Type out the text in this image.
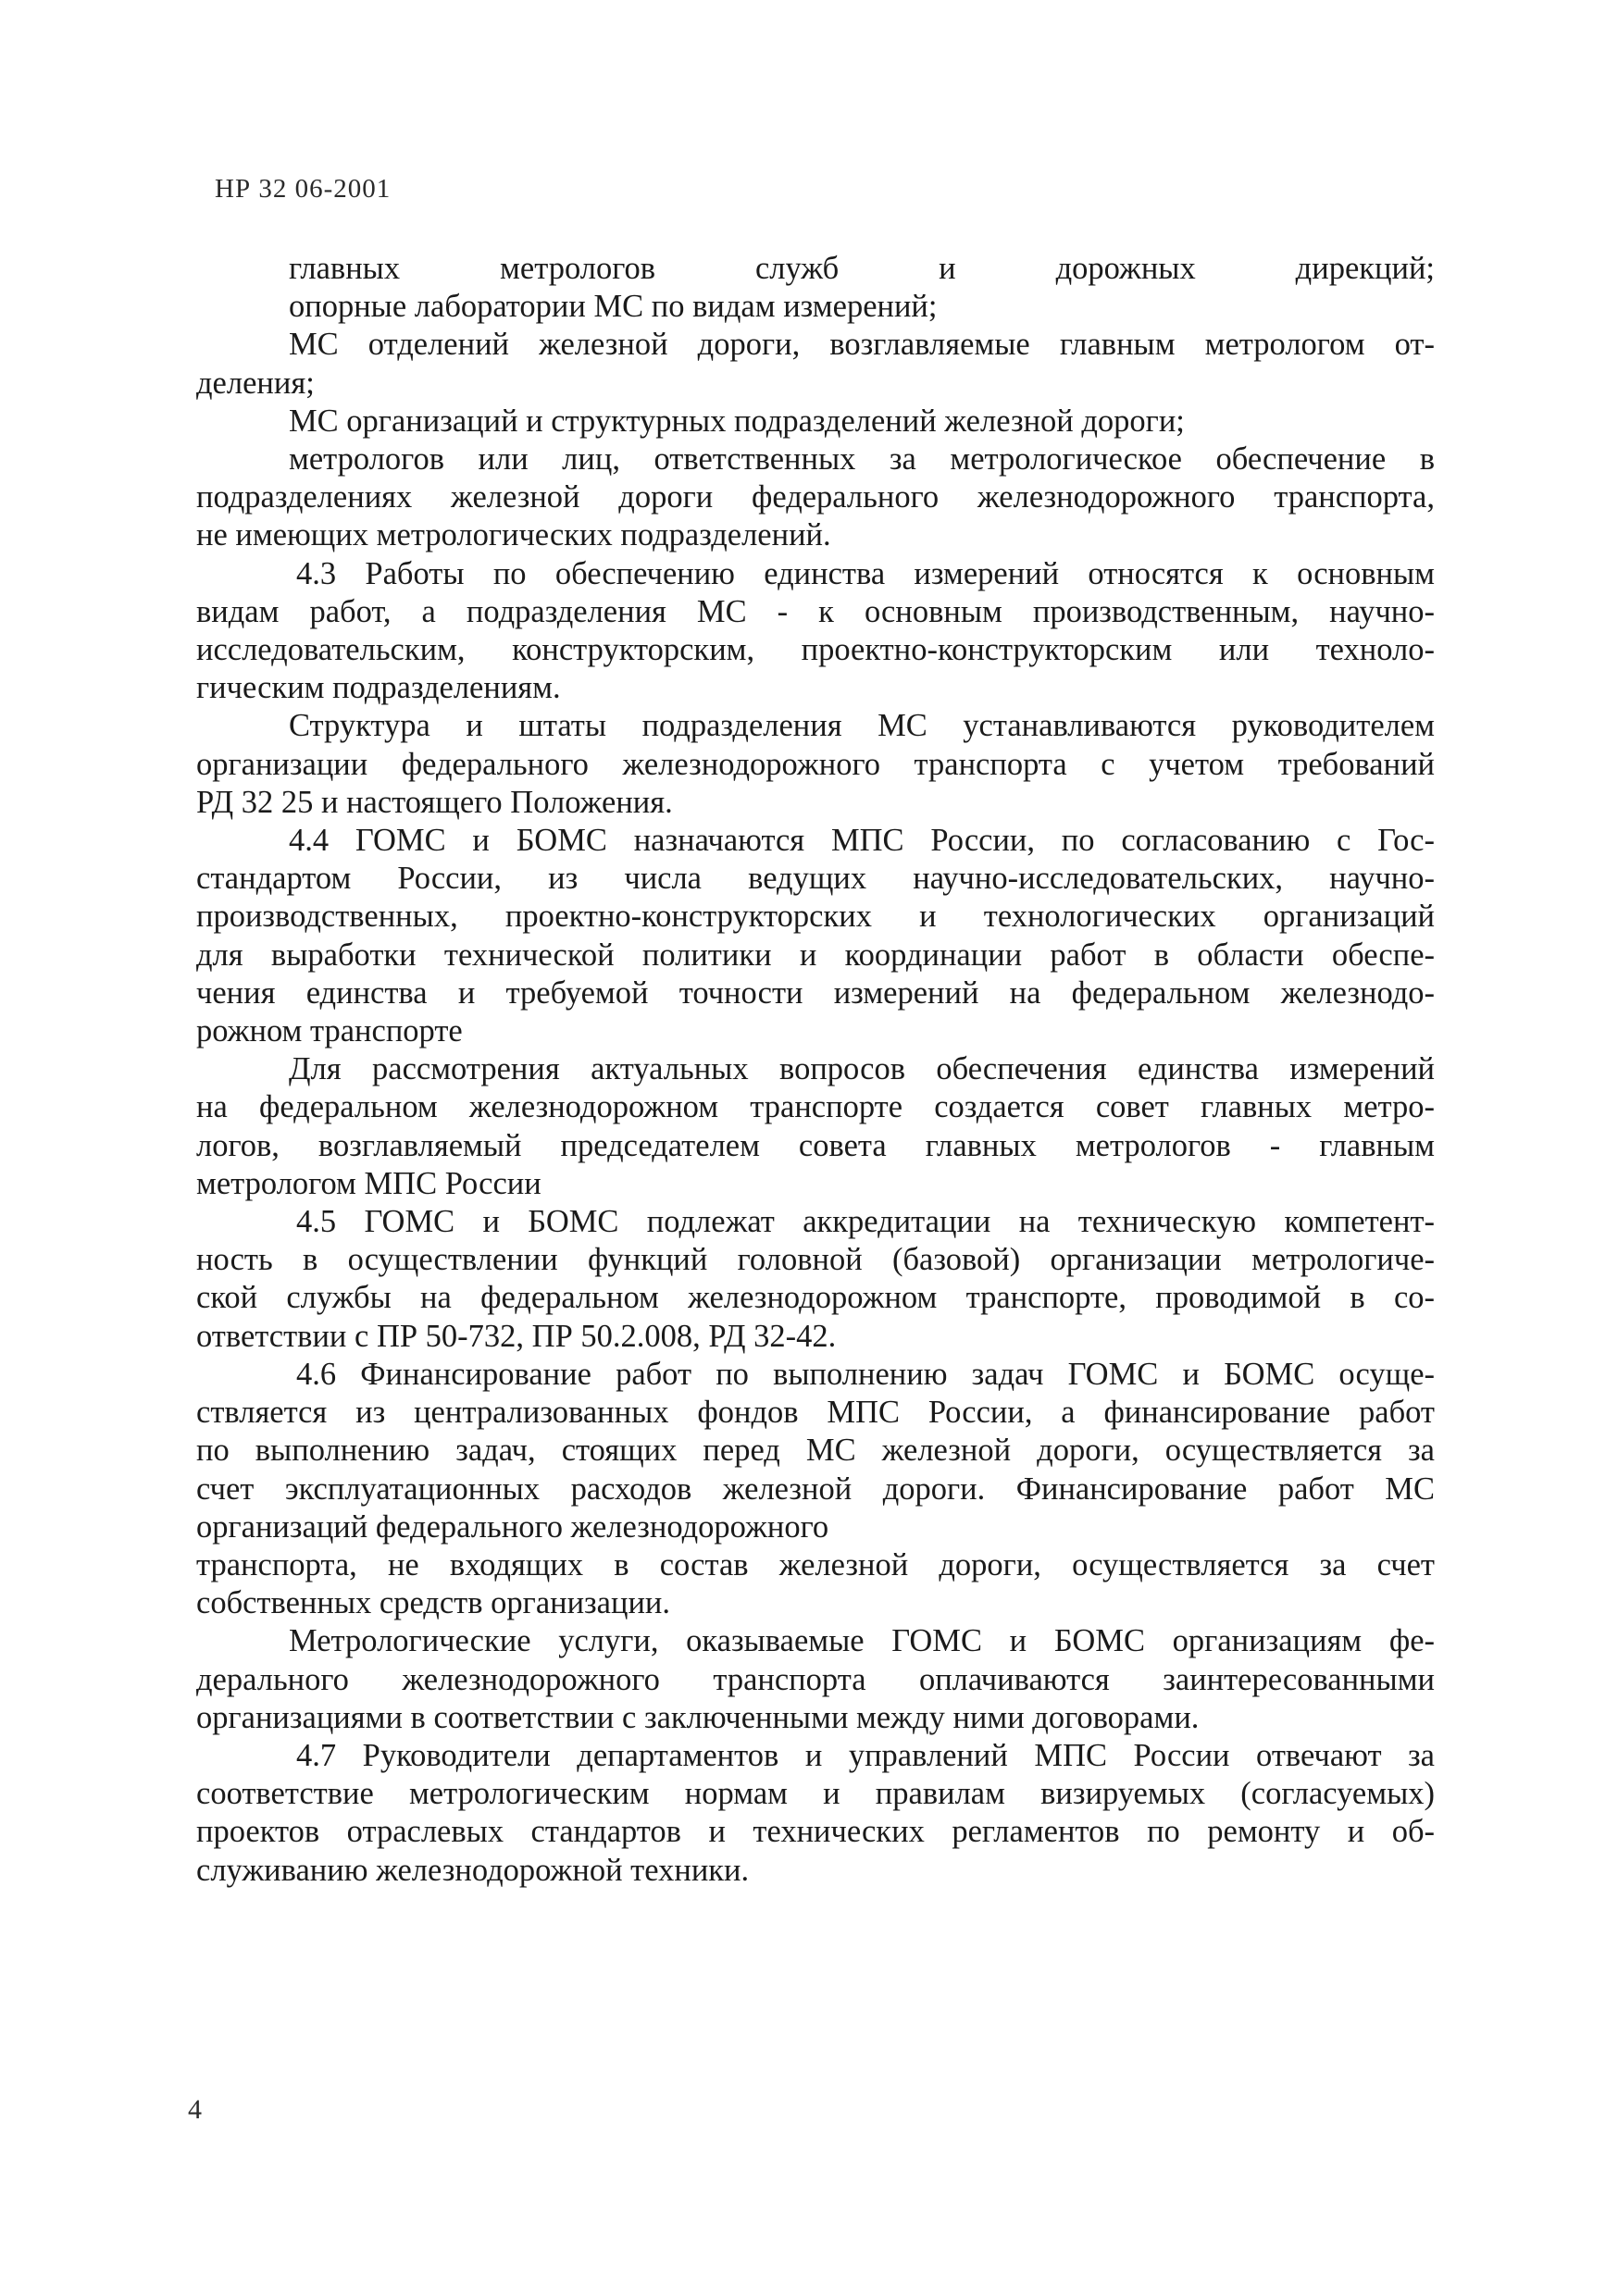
НР 32 06-2001
главных метрологов служб и дорожных дирекций;
опорные лаборатории МС по видам измерений;
МС отделений железной дороги, возглавляемые главным метрологом от-
деления;
МС организаций и структурных подразделений железной дороги;
метрологов или лиц, ответственных за метрологическое обеспечение в
подразделениях железной дороги федерального железнодорожного транспорта,
не имеющих метрологических подразделений.
4.3 Работы по обеспечению единства измерений относятся к основным
видам работ, а подразделения МС - к основным производственным, научно-
исследовательским, конструкторским, проектно-конструкторским или техноло-
гическим подразделениям.
Структура и штаты подразделения МС устанавливаются руководителем
организации федерального железнодорожного транспорта с учетом требований
РД 32 25 и настоящего Положения.
4.4 ГОМС и БОМС назначаются МПС России, по согласованию с Гос-
стандартом России, из числа ведущих научно-исследовательских, научно-
производственных, проектно-конструкторских и технологических организаций
для выработки технической политики и координации работ в области обеспе-
чения единства и требуемой точности измерений на федеральном железнодо-
рожном транспорте
Для рассмотрения актуальных вопросов обеспечения единства измерений
на федеральном железнодорожном транспорте создается совет главных метро-
логов, возглавляемый председателем совета главных метрологов - главным
метрологом МПС России
4.5 ГОМС и БОМС подлежат аккредитации на техническую компетент-
ность в осуществлении функций головной (базовой) организации метрологиче-
ской службы на федеральном железнодорожном транспорте, проводимой в со-
ответствии с ПР 50-732, ПР 50.2.008, РД 32-42.
4.6 Финансирование работ по выполнению задач ГОМС и БОМС осуще-
ствляется из централизованных фондов МПС России, а финансирование работ
по выполнению задач, стоящих перед МС железной дороги, осуществляется за
счет эксплуатационных расходов железной дороги. Финансирование работ МС
организаций федерального железнодорожного
транспорта, не входящих в состав железной дороги, осуществляется за счет
собственных средств организации.
Метрологические услуги, оказываемые ГОМС и БОМС организациям фе-
дерального железнодорожного транспорта оплачиваются заинтересованными
организациями в соответствии с заключенными между ними договорами.
4.7 Руководители департаментов и управлений МПС России отвечают за
соответствие метрологическим нормам и правилам визируемых (согласуемых)
проектов отраслевых стандартов и технических регламентов по ремонту и об-
служиванию железнодорожной техники.
4
